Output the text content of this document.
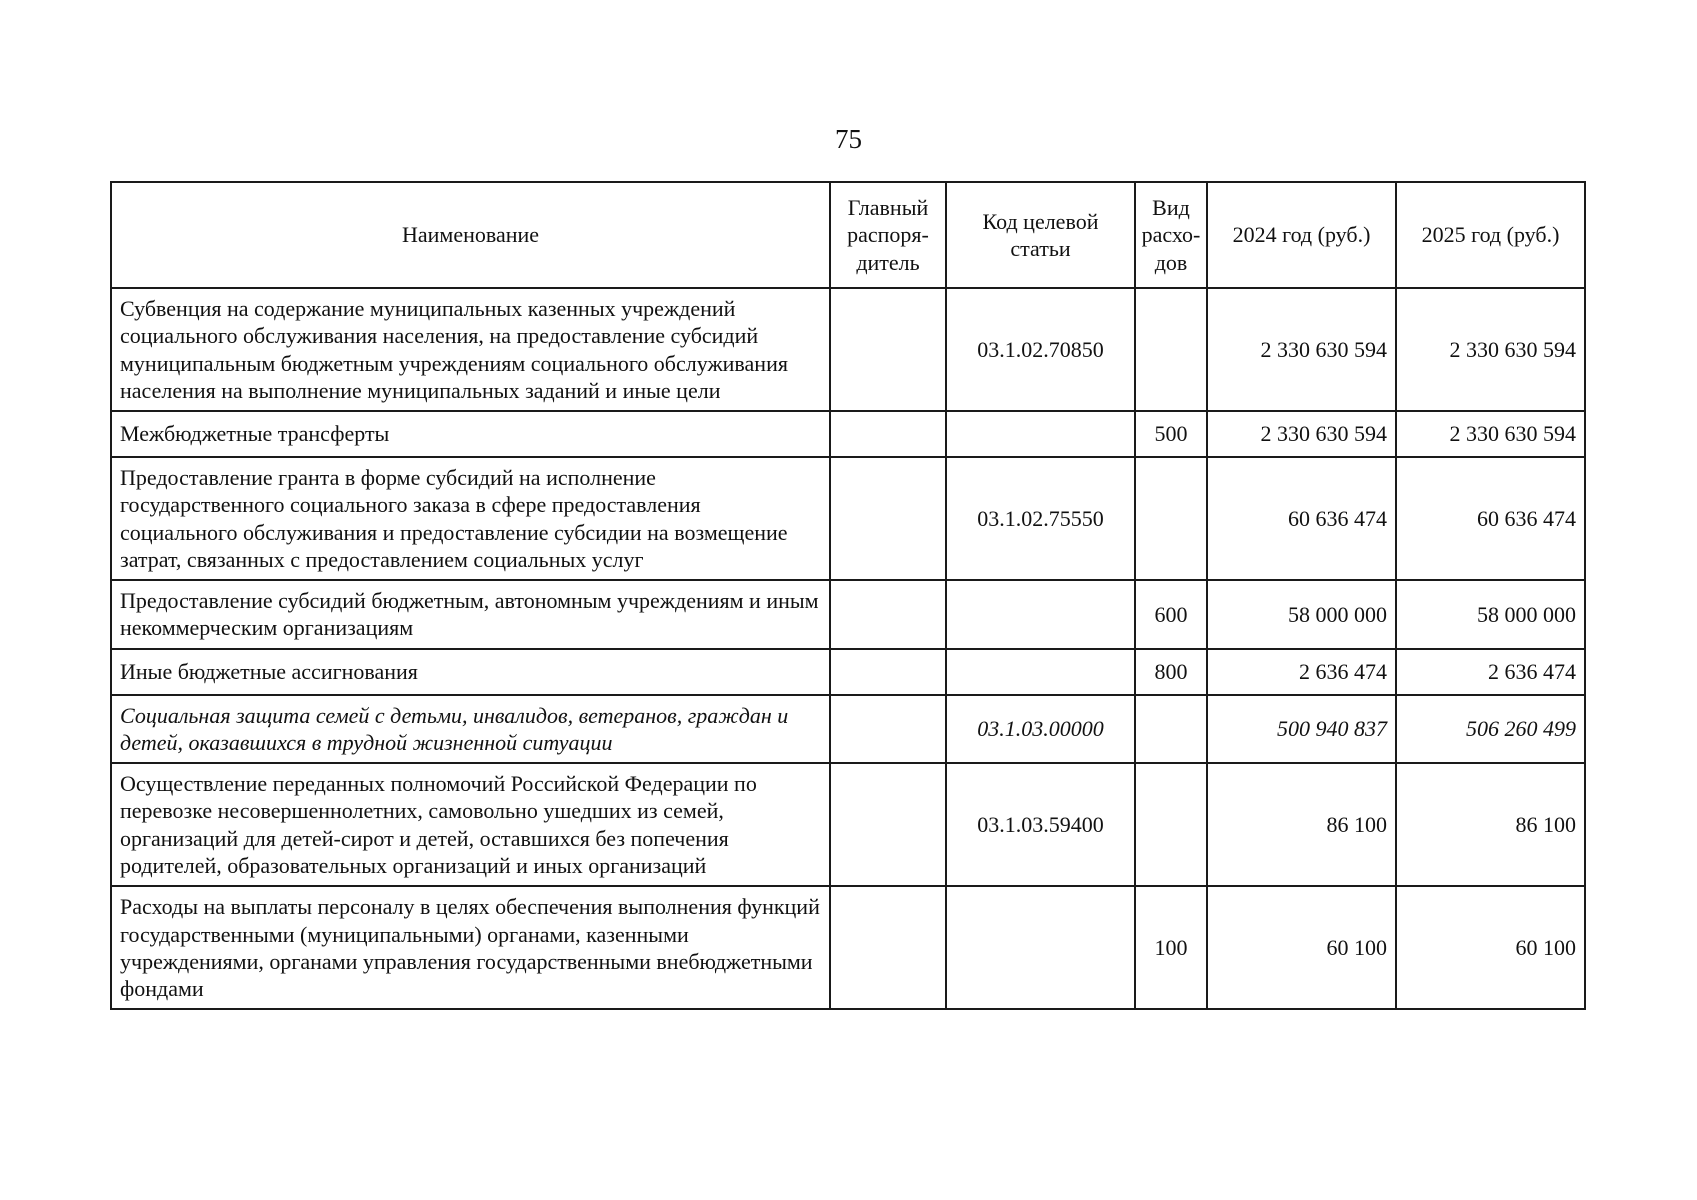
75
Наименование	Главный распоря-дитель	Код целевой статьи	Вид расхо-дов	2024 год (руб.)	2025 год (руб.)
Субвенция на содержание муниципальных казенных учреждений социального обслуживания населения, на предоставление субсидий муниципальным бюджетным учреждениям социального обслуживания населения на выполнение муниципальных заданий и иные цели		03.1.02.70850		2 330 630 594	2 330 630 594
Межбюджетные трансферты			500	2 330 630 594	2 330 630 594
Предоставление гранта в форме субсидий на исполнение государственного социального заказа в сфере предоставления социального обслуживания и предоставление субсидии на возмещение затрат, связанных с предоставлением социальных услуг		03.1.02.75550		60 636 474	60 636 474
Предоставление субсидий бюджетным, автономным учреждениям и иным некоммерческим организациям			600	58 000 000	58 000 000
Иные бюджетные ассигнования			800	2 636 474	2 636 474
Социальная защита семей с детьми, инвалидов, ветеранов, граждан и детей, оказавшихся в трудной жизненной ситуации		03.1.03.00000		500 940 837	506 260 499
Осуществление переданных полномочий Российской Федерации по перевозке несовершеннолетних, самовольно ушедших из семей, организаций для детей-сирот и детей, оставшихся без попечения родителей, образовательных организаций и иных организаций		03.1.03.59400		86 100	86 100
Расходы на выплаты персоналу в целях обеспечения выполнения функций государственными (муниципальными) органами, казенными учреждениями, органами управления государственными внебюджетными фондами			100	60 100	60 100
